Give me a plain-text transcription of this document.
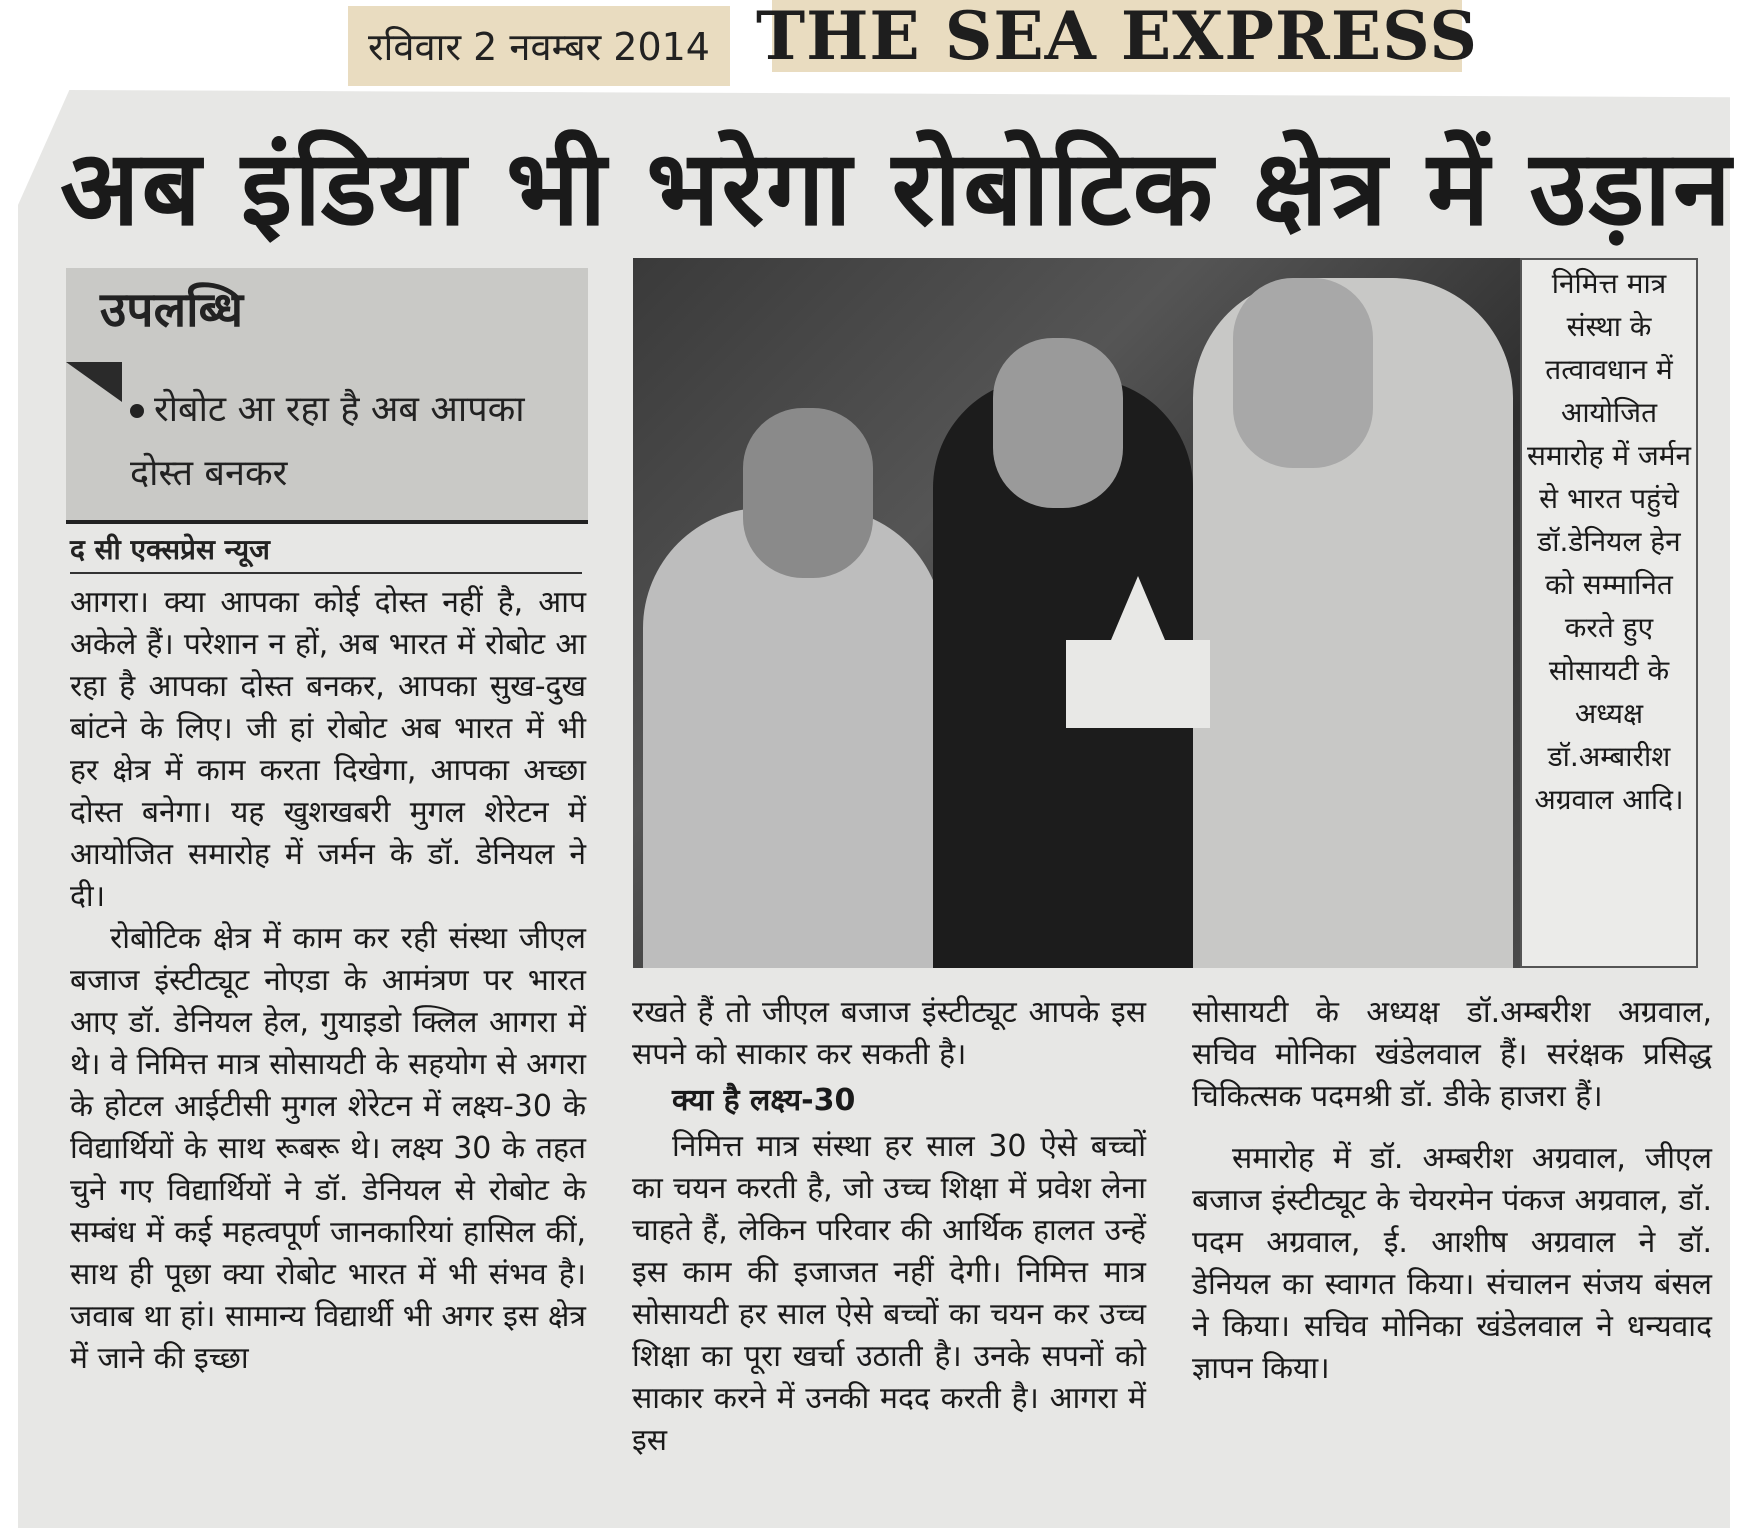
रविवार 2 नवम्बर 2014 THE SEA EXPRESS
अब इंडिया भी भरेगा रोबोटिक क्षेत्र में उड़ान
उपलब्धि
रोबोट आ रहा है अब आपका दोस्त बनकर
द सी एक्सप्रेस न्यूज

आगरा। क्या आपका कोई दोस्त नहीं है, आप अकेले हैं। परेशान न हों, अब भारत में रोबोट आ रहा है आपका दोस्त बनकर, आपका सुख-दुख बांटने के लिए। जी हां रोबोट अब भारत में भी हर क्षेत्र में काम करता दिखेगा, आपका अच्छा दोस्त बनेगा। यह खुशखबरी मुगल शेरेटन में आयोजित समारोह में जर्मन के डॉ. डेनियल ने दी।

रोबोटिक क्षेत्र में काम कर रही संस्था जीएल बजाज इंस्टीट्यूट नोएडा के आमंत्रण पर भारत आए डॉ. डेनियल हेल, गुयाइडो क्लिल आगरा में थे। वे निमित्त मात्र सोसायटी के सहयोग से अगरा के होटल आईटीसी मुगल शेरेटन में लक्ष्य-30 के विद्यार्थियों के साथ रूबरू थे। लक्ष्य 30 के तहत चुने गए विद्यार्थियों ने डॉ. डेनियल से रोबोट के सम्बंध में कई महत्वपूर्ण जानकारियां हासिल कीं, साथ ही पूछा क्या रोबोट भारत में भी संभव है। जवाब था हां। सामान्य विद्यार्थी भी अगर इस क्षेत्र में जाने की इच्छा

निमित्त मात्र संस्था के तत्वावधान में आयोजित समारोह में जर्मन से भारत पहुंचे डॉ.डेनियल हेन को सम्मानित करते हुए सोसायटी के अध्यक्ष डॉ.अम्बारीश अग्रवाल आदि।

रखते हैं तो जीएल बजाज इंस्टीट्यूट आपके इस सपने को साकार कर सकती है।

क्या है लक्ष्य-30

निमित्त मात्र संस्था हर साल 30 ऐसे बच्चों का चयन करती है, जो उच्च शिक्षा में प्रवेश लेना चाहते हैं, लेकिन परिवार की आर्थिक हालत उन्हें इस काम की इजाजत नहीं देगी। निमित्त मात्र सोसायटी हर साल ऐसे बच्चों का चयन कर उच्च शिक्षा का पूरा खर्चा उठाती है। उनके सपनों को साकार करने में उनकी मदद करती है। आगरा में इस

सोसायटी के अध्यक्ष डॉ.अम्बरीश अग्रवाल, सचिव मोनिका खंडेलवाल हैं। सरंक्षक प्रसिद्ध चिकित्सक पदमश्री डॉ. डीके हाजरा हैं।

समारोह में डॉ. अम्बरीश अग्रवाल, जीएल बजाज इंस्टीट्यूट के चेयरमेन पंकज अग्रवाल, डॉ. पदम अग्रवाल, ई. आशीष अग्रवाल ने डॉ. डेनियल का स्वागत किया। संचालन संजय बंसल ने किया। सचिव मोनिका खंडेलवाल ने धन्यवाद ज्ञापन किया।
